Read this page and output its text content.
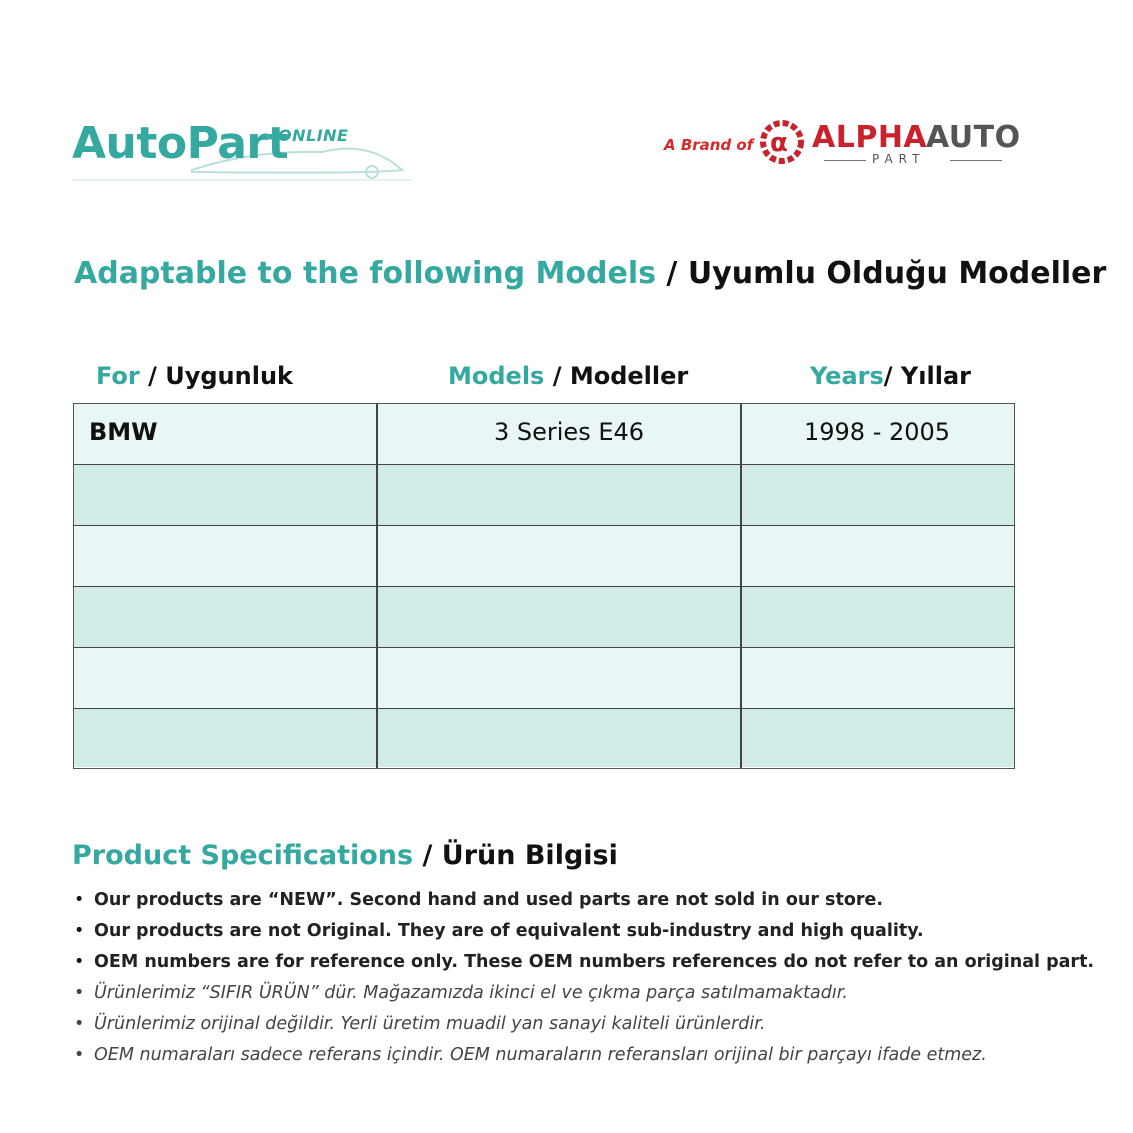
AutoPart
ONLINE	A Brand of α ALPHA
AUTO
PART
Adaptable to the following Models / Uyumlu Olduğu Modeller
For / Uygunluk	Models / Modeller	Years/ Yıllar
BMW	3 Series E46	1998 - 2005
Product Specifications / Ürün Bilgisi
• Our products are “NEW”. Second hand and used parts are not sold in our store.
• Our products are not Original. They are of equivalent sub-industry and high quality.
• OEM numbers are for reference only. These OEM numbers references do not refer to an original part.
• Ürünlerimiz “SIFIR ÜRÜN” dür. Mağazamızda ikinci el ve çıkma parça satılmamaktadır.
• Ürünlerimiz orijinal değildir. Yerli üretim muadil yan sanayi kaliteli ürünlerdir.
• OEM numaraları sadece referans içindir. OEM numaraların referansları orijinal bir parçayı ifade etmez.
